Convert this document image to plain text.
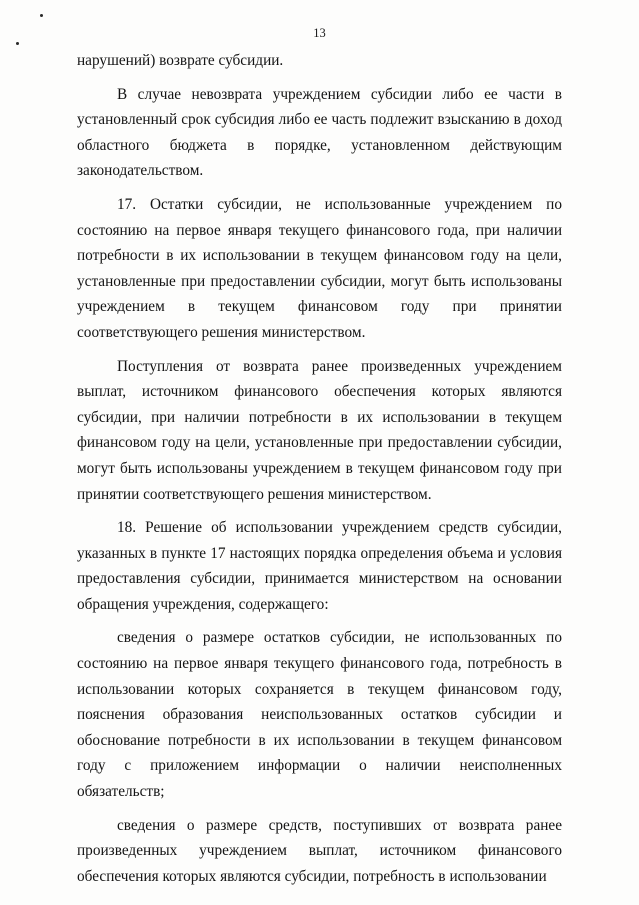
13

нарушений) возврате субсидии.

В случае невозврата учреждением субсидии либо ее части в установленный срок субсидия либо ее часть подлежит взысканию в доход областного бюджета в порядке, установленном действующим законодательством.

17. Остатки субсидии, не использованные учреждением по состоянию на первое января текущего финансового года, при наличии потребности в их использовании в текущем финансовом году на цели, установленные при предоставлении субсидии, могут быть использованы учреждением в текущем финансовом году при принятии соответствующего решения министерством.

Поступления от возврата ранее произведенных учреждением выплат, источником финансового обеспечения которых являются субсидии, при наличии потребности в их использовании в текущем финансовом году на цели, установленные при предоставлении субсидии, могут быть использованы учреждением в текущем финансовом году при принятии соответствующего решения министерством.

18. Решение об использовании учреждением средств субсидии, указанных в пункте 17 настоящих порядка определения объема и условия предоставления субсидии, принимается министерством на основании обращения учреждения, содержащего:

сведения о размере остатков субсидии, не использованных по состоянию на первое января текущего финансового года, потребность в использовании которых сохраняется в текущем финансовом году, пояснения образования неиспользованных остатков субсидии и обоснование потребности в их использовании в текущем финансовом году с приложением информации о наличии неисполненных обязательств;

сведения о размере средств, поступивших от возврата ранее произведенных учреждением выплат, источником финансового обеспечения которых являются субсидии, потребность в использовании
